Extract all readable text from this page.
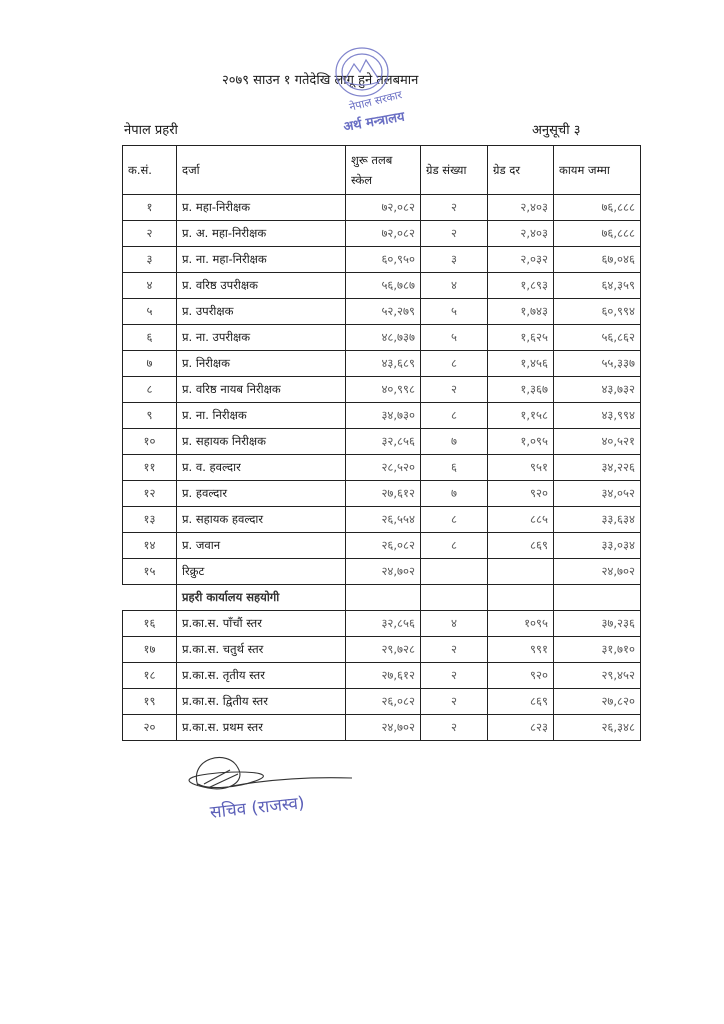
२०७९ साउन १ गतेदेखि लागू हुने तलबमान
नेपाल सरकार
अर्थ मन्त्रालय
नेपाल प्रहरी	अनुसूची ३
क.सं.	दर्जा	शुरू तलब स्केल	ग्रेड संख्या	ग्रेड दर	कायम जम्मा
१	प्र. महा-निरीक्षक	७२,०८२	२	२,४०३	७६,८८८
२	प्र. अ. महा-निरीक्षक	७२,०८२	२	२,४०३	७६,८८८
३	प्र. ना. महा-निरीक्षक	६०,९५०	३	२,०३२	६७,०४६
४	प्र. वरिष्ठ उपरीक्षक	५६,७८७	४	१,८९३	६४,३५९
५	प्र. उपरीक्षक	५२,२७९	५	१,७४३	६०,९९४
६	प्र. ना. उपरीक्षक	४८,७३७	५	१,६२५	५६,८६२
७	प्र. निरीक्षक	४३,६८९	८	१,४५६	५५,३३७
८	प्र. वरिष्ठ नायब निरीक्षक	४०,९९८	२	१,३६७	४३,७३२
९	प्र. ना. निरीक्षक	३४,७३०	८	१,१५८	४३,९९४
१०	प्र. सहायक निरीक्षक	३२,८५६	७	१,०९५	४०,५२१
११	प्र. व. हवल्दार	२८,५२०	६	९५१	३४,२२६
१२	प्र. हवल्दार	२७,६१२	७	९२०	३४,०५२
१३	प्र. सहायक हवल्दार	२६,५५४	८	८८५	३३,६३४
१४	प्र. जवान	२६,०८२	८	८६९	३३,०३४
१५	रिक्रुट	२४,७०२			२४,७०२
	प्रहरी कार्यालय सहयोगी				
१६	प्र.का.स. पाँचौं स्तर	३२,८५६	४	१०९५	३७,२३६
१७	प्र.का.स. चतुर्थ स्तर	२९,७२८	२	९९१	३१,७१०
१८	प्र.का.स. तृतीय स्तर	२७,६१२	२	९२०	२९,४५२
१९	प्र.का.स. द्वितीय स्तर	२६,०८२	२	८६९	२७,८२०
२०	प्र.का.स. प्रथम स्तर	२४,७०२	२	८२३	२६,३४८
सचिव (राजस्व)
